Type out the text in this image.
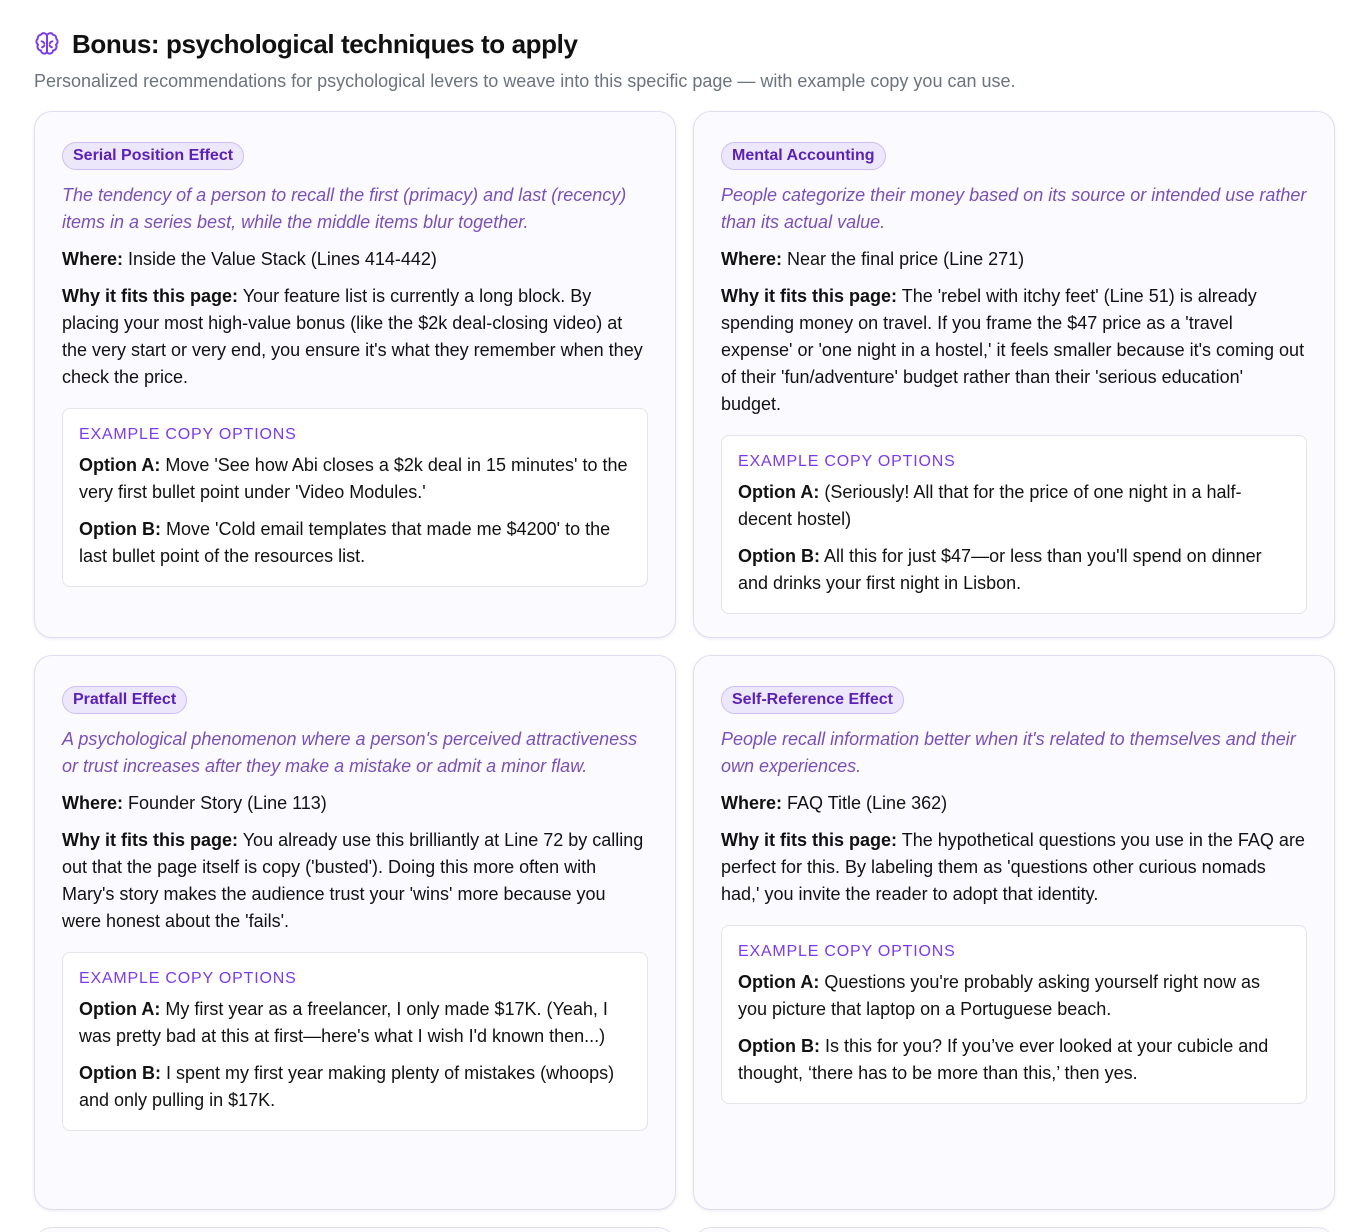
Bonus: psychological techniques to apply
Personalized recommendations for psychological levers to weave into this specific page — with example copy you can use.
Serial Position Effect
The tendency of a person to recall the first (primacy) and last (recency) items in a series best, while the middle items blur together.
Where: Inside the Value Stack (Lines 414-442)
Why it fits this page: Your feature list is currently a long block. By placing your most high-value bonus (like the $2k deal-closing video) at the very start or very end, you ensure it's what they remember when they check the price.
EXAMPLE COPY OPTIONS
Option A: Move 'See how Abi closes a $2k deal in 15 minutes' to the very first bullet point under 'Video Modules.'
Option B: Move 'Cold email templates that made me $4200' to the last bullet point of the resources list.
Mental Accounting
People categorize their money based on its source or intended use rather than its actual value.
Where: Near the final price (Line 271)
Why it fits this page: The 'rebel with itchy feet' (Line 51) is already spending money on travel. If you frame the $47 price as a 'travel expense' or 'one night in a hostel,' it feels smaller because it's coming out of their 'fun/adventure' budget rather than their 'serious education' budget.
EXAMPLE COPY OPTIONS
Option A: (Seriously! All that for the price of one night in a half-decent hostel)
Option B: All this for just $47—or less than you'll spend on dinner and drinks your first night in Lisbon.
Pratfall Effect
A psychological phenomenon where a person's perceived attractiveness or trust increases after they make a mistake or admit a minor flaw.
Where: Founder Story (Line 113)
Why it fits this page: You already use this brilliantly at Line 72 by calling out that the page itself is copy ('busted'). Doing this more often with Mary's story makes the audience trust your 'wins' more because you were honest about the 'fails'.
EXAMPLE COPY OPTIONS
Option A: My first year as a freelancer, I only made $17K. (Yeah, I was pretty bad at this at first—here's what I wish I'd known then...)
Option B: I spent my first year making plenty of mistakes (whoops) and only pulling in $17K.
Self-Reference Effect
People recall information better when it's related to themselves and their own experiences.
Where: FAQ Title (Line 362)
Why it fits this page: The hypothetical questions you use in the FAQ are perfect for this. By labeling them as 'questions other curious nomads had,' you invite the reader to adopt that identity.
EXAMPLE COPY OPTIONS
Option A: Questions you're probably asking yourself right now as you picture that laptop on a Portuguese beach.
Option B: Is this for you? If you’ve ever looked at your cubicle and thought, ‘there has to be more than this,’ then yes.
